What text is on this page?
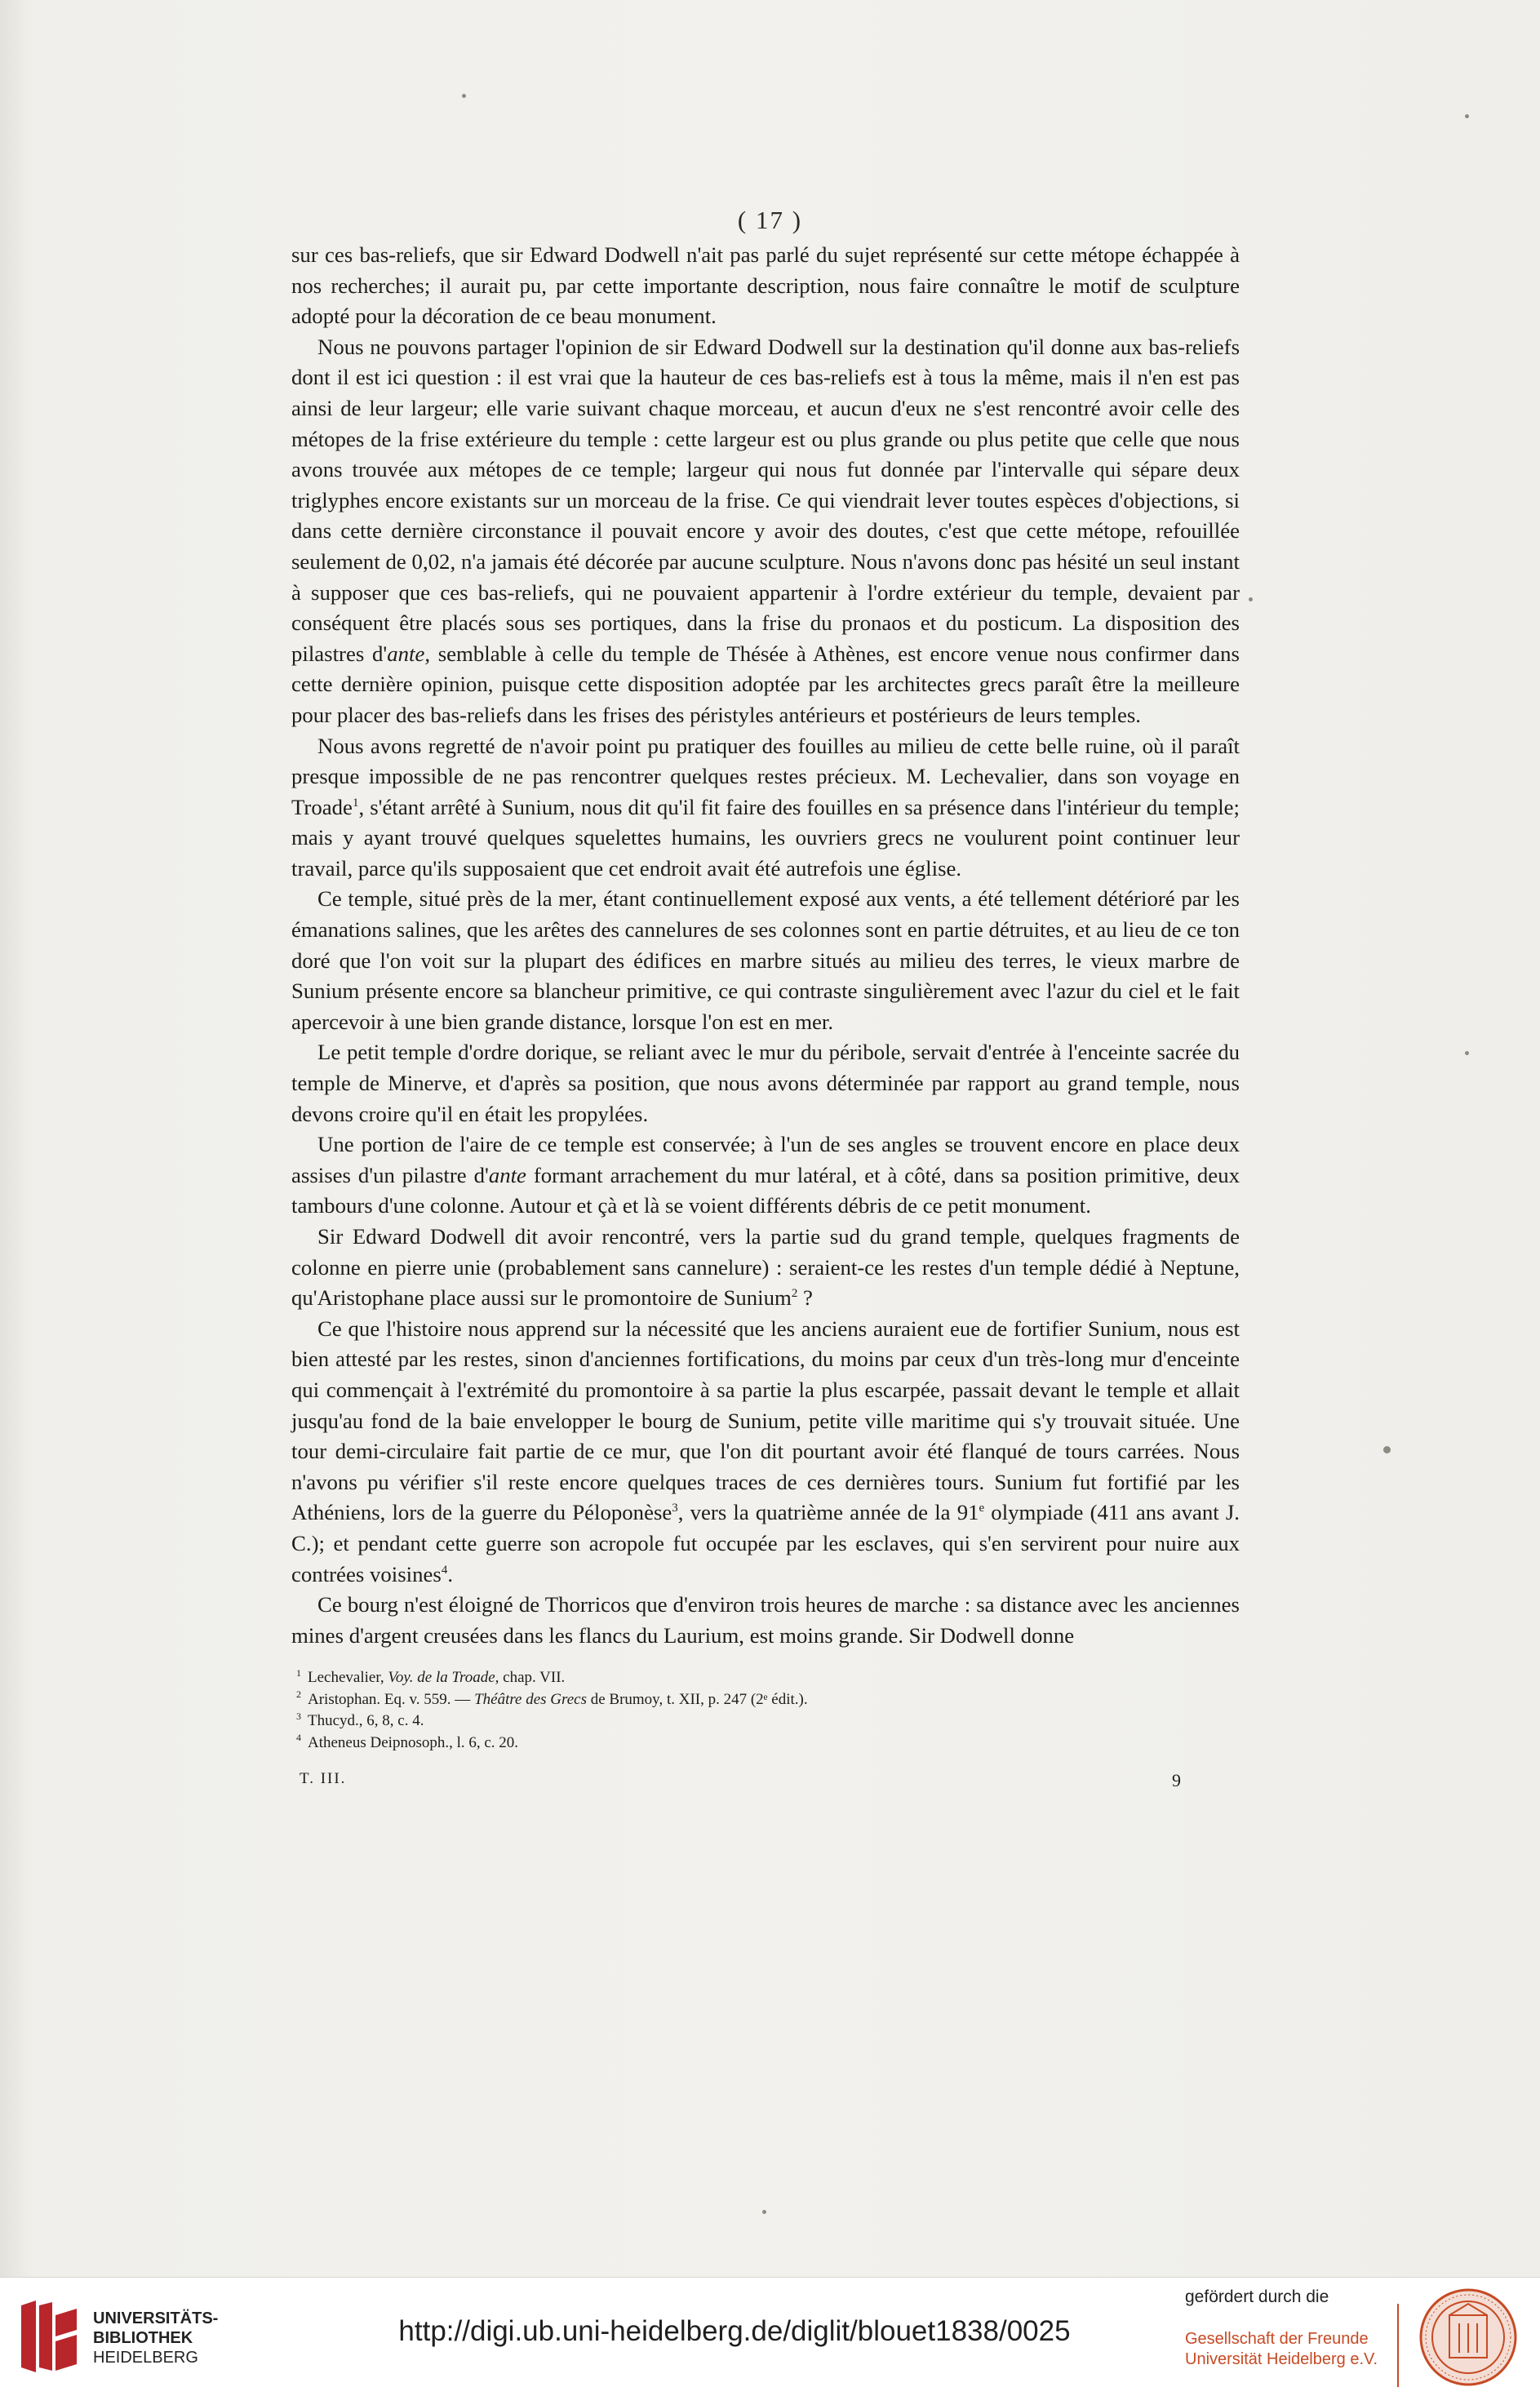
( 17 )

sur ces bas-reliefs, que sir Edward Dodwell n'ait pas parlé du sujet représenté sur cette métope échappée à nos recherches; il aurait pu, par cette importante description, nous faire connaître le motif de sculpture adopté pour la décoration de ce beau monument.

Nous ne pouvons partager l'opinion de sir Edward Dodwell sur la destination qu'il donne aux bas-reliefs dont il est ici question : il est vrai que la hauteur de ces bas-reliefs est à tous la même, mais il n'en est pas ainsi de leur largeur; elle varie suivant chaque morceau, et aucun d'eux ne s'est rencontré avoir celle des métopes de la frise extérieure du temple : cette largeur est ou plus grande ou plus petite que celle que nous avons trouvée aux métopes de ce temple; largeur qui nous fut donnée par l'intervalle qui sépare deux triglyphes encore existants sur un morceau de la frise. Ce qui viendrait lever toutes espèces d'objections, si dans cette dernière circonstance il pouvait encore y avoir des doutes, c'est que cette métope, refouillée seulement de 0,02, n'a jamais été décorée par aucune sculpture. Nous n'avons donc pas hésité un seul instant à supposer que ces bas-reliefs, qui ne pouvaient appartenir à l'ordre extérieur du temple, devaient par conséquent être placés sous ses portiques, dans la frise du pronaos et du posticum. La disposition des pilastres d'ante, semblable à celle du temple de Thésée à Athènes, est encore venue nous confirmer dans cette dernière opinion, puisque cette disposition adoptée par les architectes grecs paraît être la meilleure pour placer des bas-reliefs dans les frises des péristyles antérieurs et postérieurs de leurs temples.

Nous avons regretté de n'avoir point pu pratiquer des fouilles au milieu de cette belle ruine, où il paraît presque impossible de ne pas rencontrer quelques restes précieux. M. Lechevalier, dans son voyage en Troade$^1$, s'étant arrêté à Sunium, nous dit qu'il fit faire des fouilles en sa présence dans l'intérieur du temple; mais y ayant trouvé quelques squelettes humains, les ouvriers grecs ne voulurent point continuer leur travail, parce qu'ils supposaient que cet endroit avait été autrefois une église.

Ce temple, situé près de la mer, étant continuellement exposé aux vents, a été tellement détérioré par les émanations salines, que les arêtes des cannelures de ses colonnes sont en partie détruites, et au lieu de ce ton doré que l'on voit sur la plupart des édifices en marbre situés au milieu des terres, le vieux marbre de Sunium présente encore sa blancheur primitive, ce qui contraste singulièrement avec l'azur du ciel et le fait apercevoir à une bien grande distance, lorsque l'on est en mer.

Le petit temple d'ordre dorique, se reliant avec le mur du péribole, servait d'entrée à l'enceinte sacrée du temple de Minerve, et d'après sa position, que nous avons déterminée par rapport au grand temple, nous devons croire qu'il en était les propylées.

Une portion de l'aire de ce temple est conservée; à l'un de ses angles se trouvent encore en place deux assises d'un pilastre d'ante formant arrachement du mur latéral, et à côté, dans sa position primitive, deux tambours d'une colonne. Autour et çà et là se voient différents débris de ce petit monument.

Sir Edward Dodwell dit avoir rencontré, vers la partie sud du grand temple, quelques fragments de colonne en pierre unie (probablement sans cannelure) : seraient-ce les restes d'un temple dédié à Neptune, qu'Aristophane place aussi sur le promontoire de Sunium$^2$ ?

Ce que l'histoire nous apprend sur la nécessité que les anciens auraient eue de fortifier Sunium, nous est bien attesté par les restes, sinon d'anciennes fortifications, du moins par ceux d'un très-long mur d'enceinte qui commençait à l'extrémité du promontoire à sa partie la plus escarpée, passait devant le temple et allait jusqu'au fond de la baie envelopper le bourg de Sunium, petite ville maritime qui s'y trouvait située. Une tour demi-circulaire fait partie de ce mur, que l'on dit pourtant avoir été flanqué de tours carrées. Nous n'avons pu vérifier s'il reste encore quelques traces de ces dernières tours. Sunium fut fortifié par les Athéniens, lors de la guerre du Péloponèse$^3$, vers la quatrième année de la 91e olympiade (411 ans avant J. C.); et pendant cette guerre son acropole fut occupée par les esclaves, qui s'en servirent pour nuire aux contrées voisines$^4$.

Ce bourg n'est éloigné de Thorricos que d'environ trois heures de marche : sa distance avec les anciennes mines d'argent creusées dans les flancs du Laurium, est moins grande. Sir Dodwell donne

$^1$ Lechevalier, Voy. de la Troade, chap. VII.

$^2$ Aristophan. Eq. v. 559. — Théâtre des Grecs de Brumoy, t. XII, p. 247 (2ᵉ édit.).

$^3$ Thucyd., 6, 8, c. 4.

$^4$ Atheneus Deipnosoph., l. 6, c. 20.

T. III.	9
UNIVERSITÄTS-
BIBLIOTHEK
HEIDELBERG
http://digi.ub.uni-heidelberg.de/diglit/blouet1838/0025
gefördert durch die
Gesellschaft der Freunde
Universität Heidelberg e.V.
